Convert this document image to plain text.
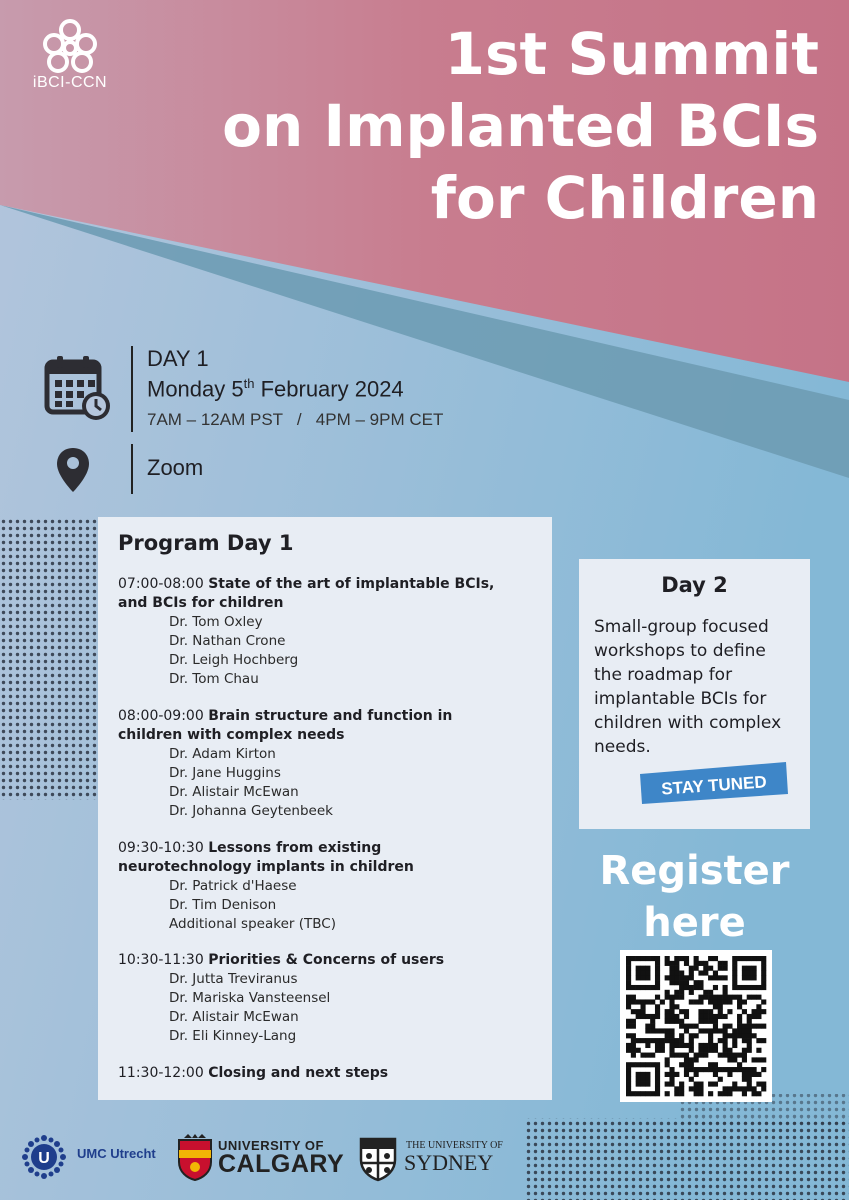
iBCI-CCN	1st Summit
on Implanted BCIs
for Children
DAY 1
Monday 5th February 2024
7AM – 12AM PST   /   4PM – 9PM CET
Zoom
Program Day 1
07:00-08:00 State of the art of implantable BCIs,
and BCIs for children
Dr. Tom Oxley
Dr. Nathan Crone
Dr. Leigh Hochberg
Dr. Tom Chau
08:00-09:00 Brain structure and function in
children with complex needs
Dr. Adam Kirton
Dr. Jane Huggins
Dr. Alistair McEwan
Dr. Johanna Geytenbeek
09:30-10:30 Lessons from existing
neurotechnology implants in children
Dr. Patrick d'Haese
Dr. Tim Denison
Additional speaker (TBC)
10:30-11:30 Priorities & Concerns of users
Dr. Jutta Treviranus
Dr. Mariska Vansteensel
Dr. Alistair McEwan
Dr. Eli Kinney-Lang
11:30-12:00 Closing and next steps
Day 2
Small-group focused workshops to define the roadmap for implantable BCIs for children with complex needs.
STAY TUNED
Register
here
U UMC Utrecht
UNIVERSITY OF
CALGARY
THE UNIVERSITY OF
SYDNEY
